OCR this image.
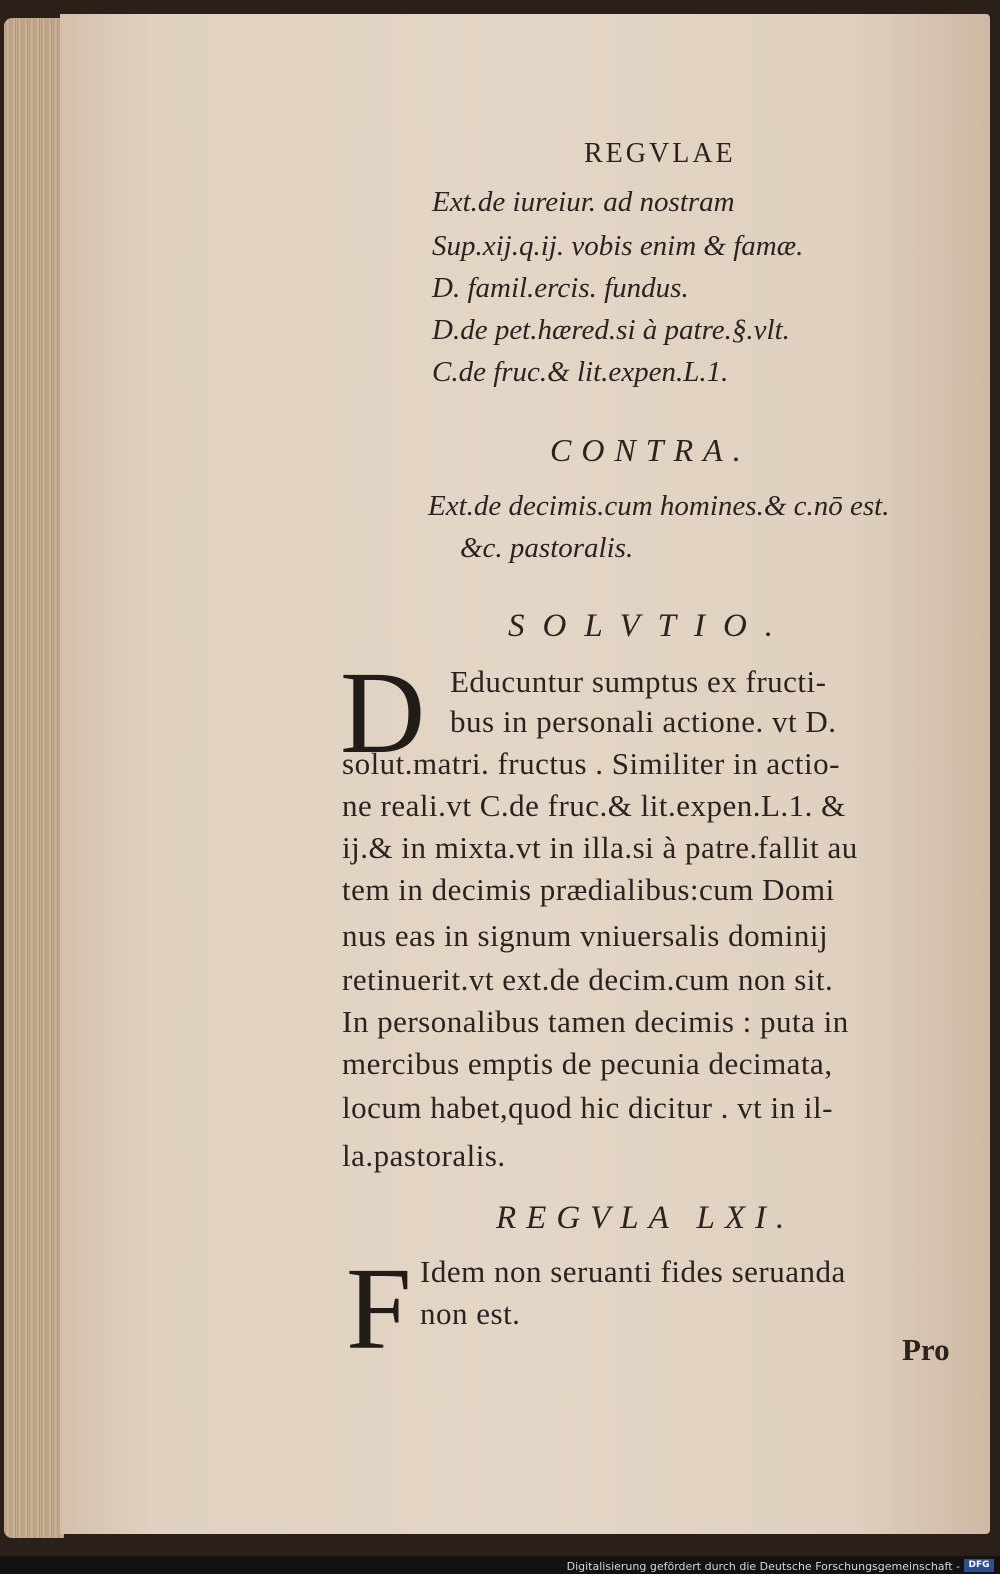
REGVLAE
Ext.de iureiur. ad nostram
Sup.xij.q.ij. vobis enim & famæ.
D. famil.ercis. fundus.
D.de pet.hæred.si à patre.§.vlt.
C.de fruc.& lit.expen.L.1.
CONTRA.
Ext.de decimis.cum homines.& c.nō est.
&c. pastoralis.
SOLVTIO.
D Educuntur sumptus ex fructi-
bus in personali actione. vt D.
solut.matri. fructus . Similiter in actio-
ne reali.vt C.de fruc.& lit.expen.L.1. &
ij.& in mixta.vt in illa.si à patre.fallit au
tem in decimis prædialibus:cum Domi
nus eas in signum vniuersalis dominij
retinuerit.vt ext.de decim.cum non sit.
In personalibus tamen decimis : puta in
mercibus emptis de pecunia decimata,
locum habet,quod hic dicitur . vt in il-
la.pastoralis.
REGVLA LXI.
F Idem non seruanti fides seruanda
non est.
Pro
Digitalisierung gefördert durch die Deutsche Forschungsgemeinschaft - DFG
